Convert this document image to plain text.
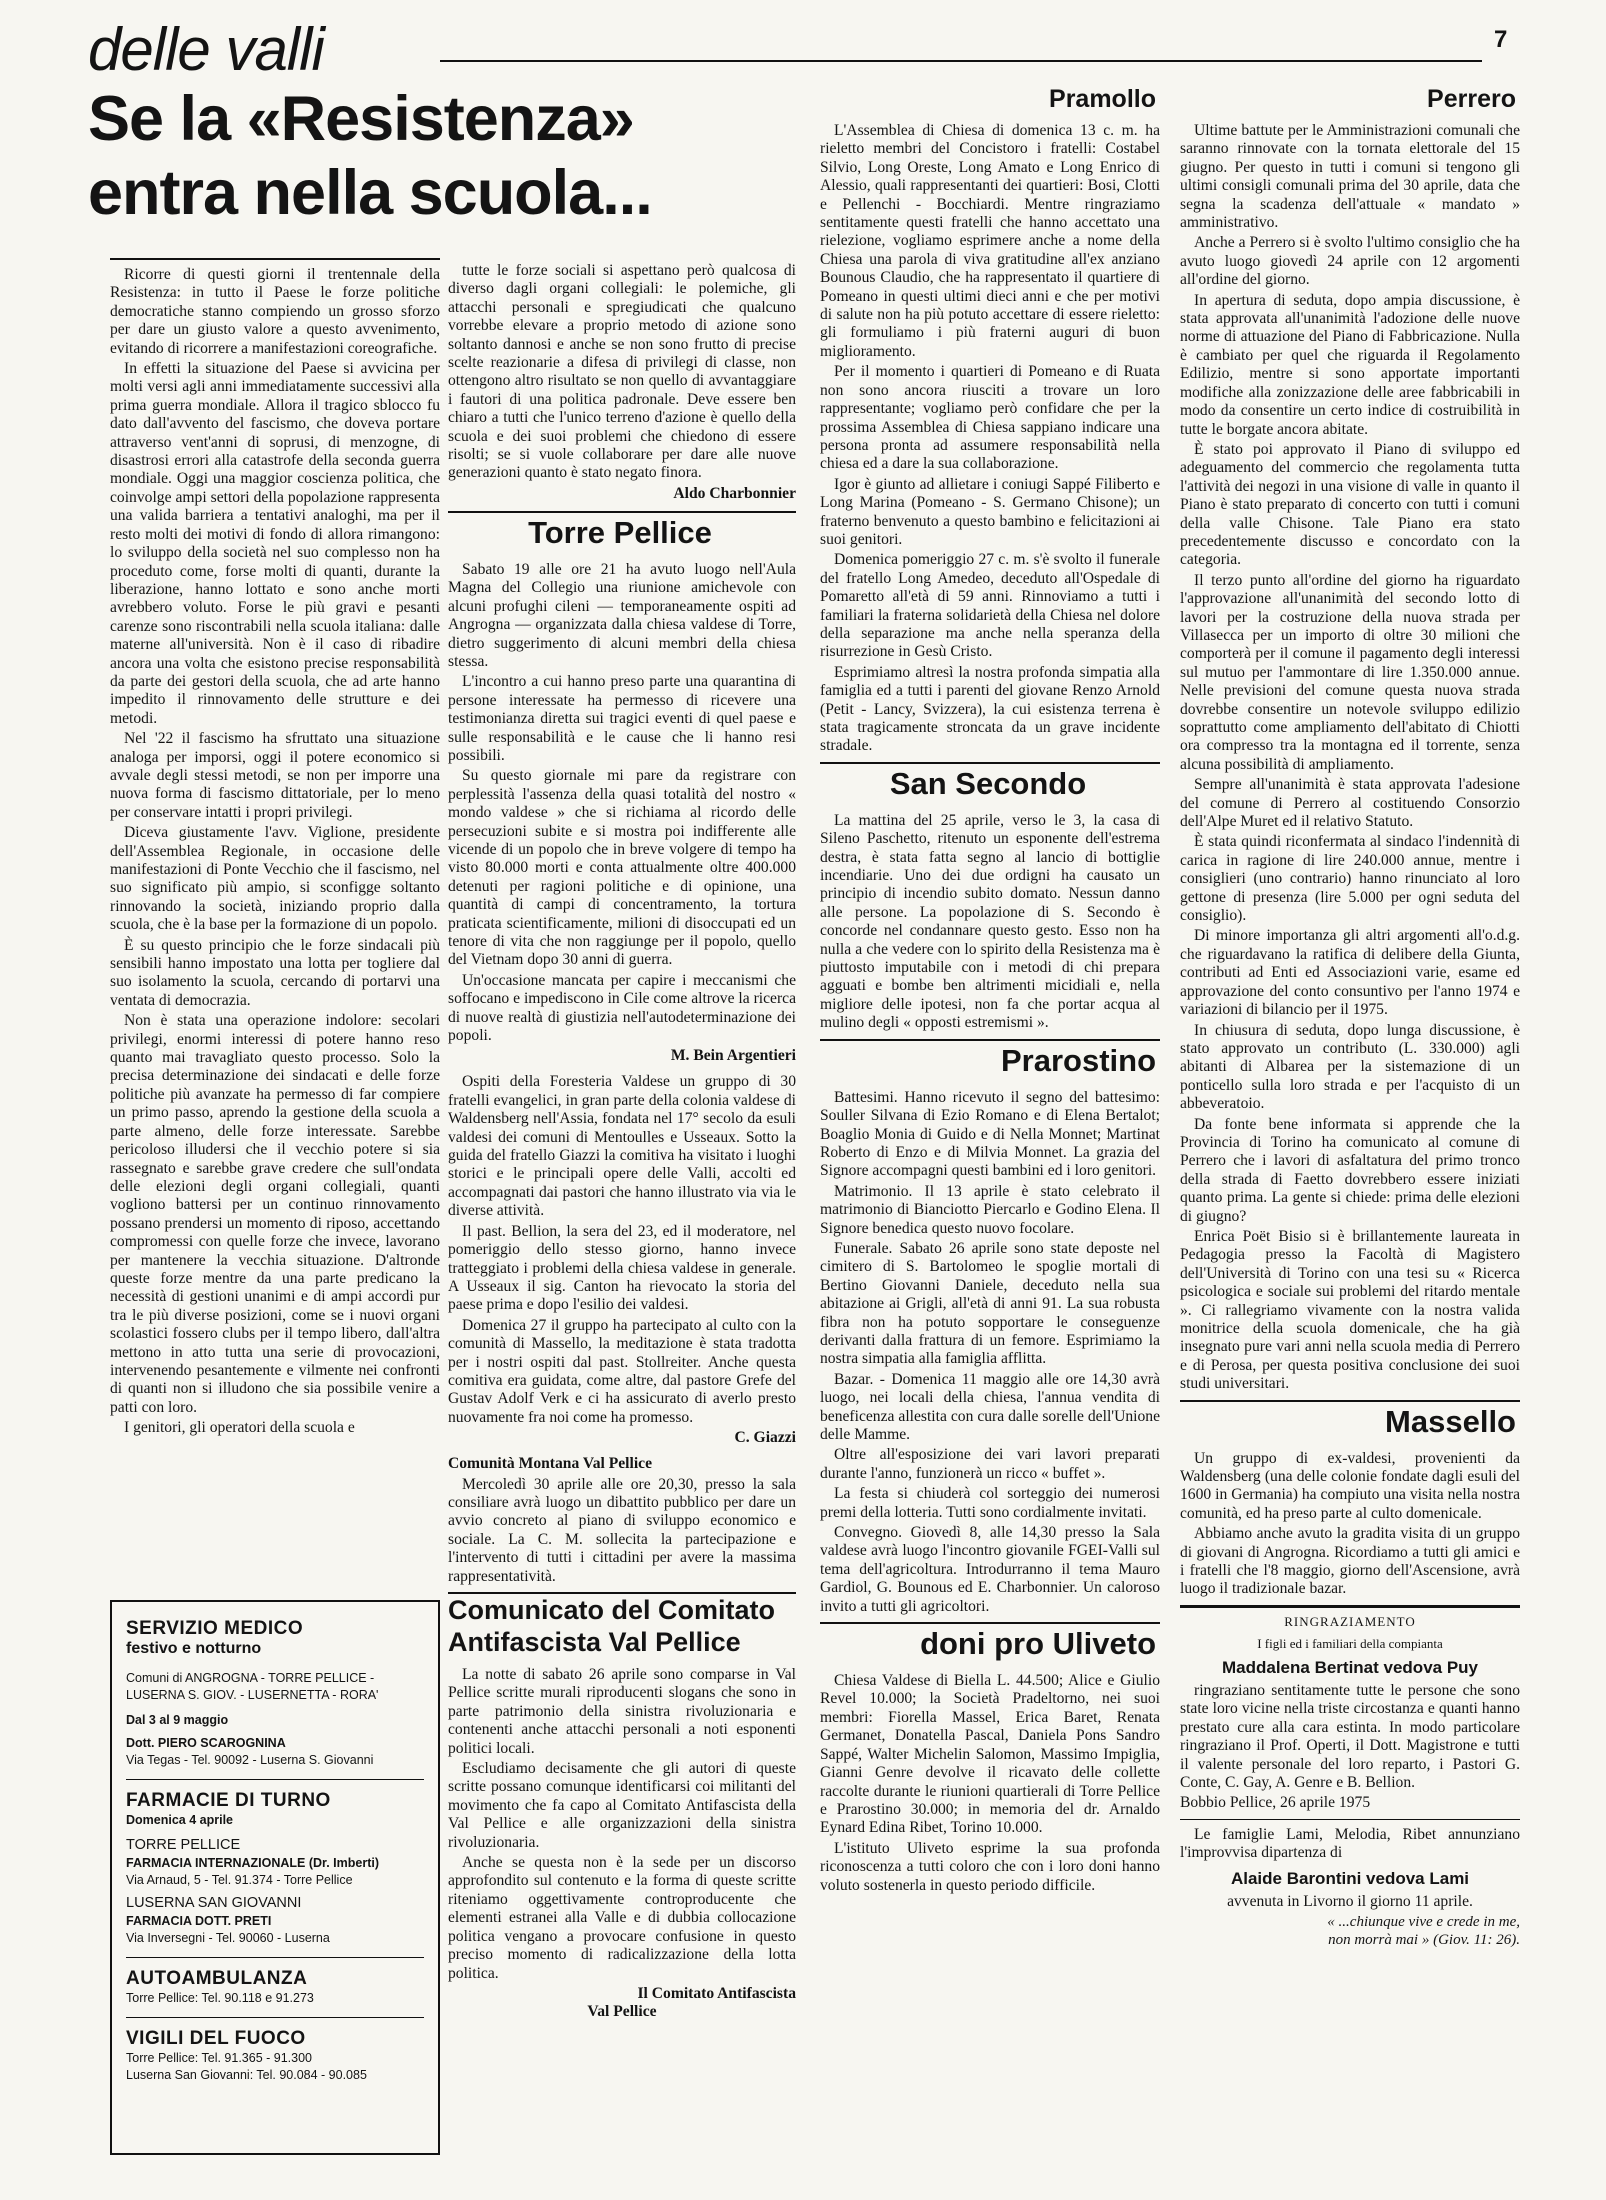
delle valli
Se la «Resistenza»
entra nella scuola...
7

Ricorre di questi giorni il trentennale della Resistenza: in tutto il Paese le forze politiche democratiche stanno compiendo un grosso sforzo per dare un giusto valore a questo avvenimento, evitando di ricorrere a manifestazioni coreografiche.

In effetti la situazione del Paese si avvicina per molti versi agli anni immediatamente successivi alla prima guerra mondiale. Allora il tragico sblocco fu dato dall'avvento del fascismo, che doveva portare attraverso vent'anni di soprusi, di menzogne, di disastrosi errori alla catastrofe della seconda guerra mondiale. Oggi una maggior coscienza politica, che coinvolge ampi settori della popolazione rappresenta una valida barriera a tentativi analoghi, ma per il resto molti dei motivi di fondo di allora rimangono: lo sviluppo della società nel suo complesso non ha proceduto come, forse molti di quanti, durante la liberazione, hanno lottato e sono anche morti avrebbero voluto. Forse le più gravi e pesanti carenze sono riscontrabili nella scuola italiana: dalle materne all'università. Non è il caso di ribadire ancora una volta che esistono precise responsabilità da parte dei gestori della scuola, che ad arte hanno impedito il rinnovamento delle strutture e dei metodi.

Nel '22 il fascismo ha sfruttato una situazione analoga per imporsi, oggi il potere economico si avvale degli stessi metodi, se non per imporre una nuova forma di fascismo dittatoriale, per lo meno per conservare intatti i propri privilegi.

Diceva giustamente l'avv. Viglione, presidente dell'Assemblea Regionale, in occasione delle manifestazioni di Ponte Vecchio che il fascismo, nel suo significato più ampio, si sconfigge soltanto rinnovando la società, iniziando proprio dalla scuola, che è la base per la formazione di un popolo.

È su questo principio che le forze sindacali più sensibili hanno impostato una lotta per togliere dal suo isolamento la scuola, cercando di portarvi una ventata di democrazia.

Non è stata una operazione indolore: secolari privilegi, enormi interessi di potere hanno reso quanto mai travagliato questo processo. Solo la precisa determinazione dei sindacati e delle forze politiche più avanzate ha permesso di far compiere un primo passo, aprendo la gestione della scuola a parte almeno, delle forze interessate. Sarebbe pericoloso illudersi che il vecchio potere si sia rassegnato e sarebbe grave credere che sull'ondata delle elezioni degli organi collegiali, quanti vogliono battersi per un continuo rinnovamento possano prendersi un momento di riposo, accettando compromessi con quelle forze che invece, lavorano per mantenere la vecchia situazione. D'altronde queste forze mentre da una parte predicano la necessità di gestioni unanimi e di ampi accordi pur tra le più diverse posizioni, come se i nuovi organi scolastici fossero clubs per il tempo libero, dall'altra mettono in atto tutta una serie di provocazioni, intervenendo pesantemente e vilmente nei confronti di quanti non si illudono che sia possibile venire a patti con loro.

I genitori, gli operatori della scuola e

SERVIZIO MEDICO
festivo e notturno
Comuni di ANGROGNA - TORRE PELLICE -
LUSERNA S. GIOV. - LUSERNETTA - RORA'
Dal 3 al 9 maggio
Dott. PIERO SCAROGNINA
Via Tegas - Tel. 90092 - Luserna S. Giovanni
FARMACIE DI TURNO
Domenica 4 aprile
TORRE PELLICE
FARMACIA INTERNAZIONALE (Dr. Imberti)
Via Arnaud, 5 - Tel. 91.374 - Torre Pellice
LUSERNA SAN GIOVANNI
FARMACIA DOTT. PRETI
Via Inversegni - Tel. 90060 - Luserna
AUTOAMBULANZA
Torre Pellice: Tel. 90.118 e 91.273
VIGILI DEL FUOCO
Torre Pellice: Tel. 91.365 - 91.300
Luserna San Giovanni: Tel. 90.084 - 90.085

tutte le forze sociali si aspettano però qualcosa di diverso dagli organi collegiali: le polemiche, gli attacchi personali e spregiudicati che qualcuno vorrebbe elevare a proprio metodo di azione sono soltanto dannosi e anche se non sono frutto di precise scelte reazionarie a difesa di privilegi di classe, non ottengono altro risultato se non quello di avvantaggiare i fautori di una politica padronale. Deve essere ben chiaro a tutti che l'unico terreno d'azione è quello della scuola e dei suoi problemi che chiedono di essere risolti; se si vuole collaborare per dare alle nuove generazioni quanto è stato negato finora.

Aldo Charbonnier
Torre Pellice

Sabato 19 alle ore 21 ha avuto luogo nell'Aula Magna del Collegio una riunione amichevole con alcuni profughi cileni — temporaneamente ospiti ad Angrogna — organizzata dalla chiesa valdese di Torre, dietro suggerimento di alcuni membri della chiesa stessa.

L'incontro a cui hanno preso parte una quarantina di persone interessate ha permesso di ricevere una testimonianza diretta sui tragici eventi di quel paese e sulle responsabilità e le cause che li hanno resi possibili.

Su questo giornale mi pare da registrare con perplessità l'assenza della quasi totalità del nostro « mondo valdese » che si richiama al ricordo delle persecuzioni subite e si mostra poi indifferente alle vicende di un popolo che in breve volgere di tempo ha visto 80.000 morti e conta attualmente oltre 400.000 detenuti per ragioni politiche e di opinione, una quantità di campi di concentramento, la tortura praticata scientificamente, milioni di disoccupati ed un tenore di vita che non raggiunge per il popolo, quello del Vietnam dopo 30 anni di guerra.

Un'occasione mancata per capire i meccanismi che soffocano e impediscono in Cile come altrove la ricerca di nuove realtà di giustizia nell'autodeterminazione dei popoli.

M. Bein Argentieri

Ospiti della Foresteria Valdese un gruppo di 30 fratelli evangelici, in gran parte della colonia valdese di Waldensberg nell'Assia, fondata nel 17° secolo da esuli valdesi dei comuni di Mentoulles e Usseaux. Sotto la guida del fratello Giazzi la comitiva ha visitato i luoghi storici e le principali opere delle Valli, accolti ed accompagnati dai pastori che hanno illustrato via via le diverse attività.

Il past. Bellion, la sera del 23, ed il moderatore, nel pomeriggio dello stesso giorno, hanno invece tratteggiato i problemi della chiesa valdese in generale. A Usseaux il sig. Canton ha rievocato la storia del paese prima e dopo l'esilio dei valdesi.

Domenica 27 il gruppo ha partecipato al culto con la comunità di Massello, la meditazione è stata tradotta per i nostri ospiti dal past. Stollreiter. Anche questa comitiva era guidata, come altre, dal pastore Grefe del Gustav Adolf Verk e ci ha assicurato di averlo presto nuovamente fra noi come ha promesso.

C. Giazzi

Comunità Montana Val Pellice

Mercoledì 30 aprile alle ore 20,30, presso la sala consiliare avrà luogo un dibattito pubblico per dare un avvio concreto al piano di sviluppo economico e sociale. La C. M. sollecita la partecipazione e l'intervento di tutti i cittadini per avere la massima rappresentatività.

Comunicato del Comitato
Antifascista Val Pellice

La notte di sabato 26 aprile sono comparse in Val Pellice scritte murali riproducenti slogans che sono in parte patrimonio della sinistra rivoluzionaria e contenenti anche attacchi personali a noti esponenti politici locali.

Escludiamo decisamente che gli autori di queste scritte possano comunque identificarsi coi militanti del movimento che fa capo al Comitato Antifascista della Val Pellice e alle organizzazioni della sinistra rivoluzionaria.

Anche se questa non è la sede per un discorso approfondito sul contenuto e la forma di queste scritte riteniamo oggettivamente controproducente che elementi estranei alla Valle e di dubbia collocazione politica vengano a provocare confusione in questo preciso momento di radicalizzazione della lotta politica.

Il Comitato Antifascista
Val Pellice
Pramollo

L'Assemblea di Chiesa di domenica 13 c. m. ha rieletto membri del Concistoro i fratelli: Costabel Silvio, Long Oreste, Long Amato e Long Enrico di Alessio, quali rappresentanti dei quartieri: Bosi, Clotti e Pellenchi - Bocchiardi. Mentre ringraziamo sentitamente questi fratelli che hanno accettato una rielezione, vogliamo esprimere anche a nome della Chiesa una parola di viva gratitudine all'ex anziano Bounous Claudio, che ha rappresentato il quartiere di Pomeano in questi ultimi dieci anni e che per motivi di salute non ha più potuto accettare di essere rieletto: gli formuliamo i più fraterni auguri di buon miglioramento.

Per il momento i quartieri di Pomeano e di Ruata non sono ancora riusciti a trovare un loro rappresentante; vogliamo però confidare che per la prossima Assemblea di Chiesa sappiano indicare una persona pronta ad assumere responsabilità nella chiesa ed a dare la sua collaborazione.

Igor è giunto ad allietare i coniugi Sappé Filiberto e Long Marina (Pomeano - S. Germano Chisone); un fraterno benvenuto a questo bambino e felicitazioni ai suoi genitori.

Domenica pomeriggio 27 c. m. s'è svolto il funerale del fratello Long Amedeo, deceduto all'Ospedale di Pomaretto all'età di 59 anni. Rinnoviamo a tutti i familiari la fraterna solidarietà della Chiesa nel dolore della separazione ma anche nella speranza della risurrezione in Gesù Cristo.

Esprimiamo altresì la nostra profonda simpatia alla famiglia ed a tutti i parenti del giovane Renzo Arnold (Petit - Lancy, Svizzera), la cui esistenza terrena è stata tragicamente stroncata da un grave incidente stradale.

San Secondo

La mattina del 25 aprile, verso le 3, la casa di Sileno Paschetto, ritenuto un esponente dell'estrema destra, è stata fatta segno al lancio di bottiglie incendiarie. Uno dei due ordigni ha causato un principio di incendio subito domato. Nessun danno alle persone. La popolazione di S. Secondo è concorde nel condannare questo gesto. Esso non ha nulla a che vedere con lo spirito della Resistenza ma è piuttosto imputabile con i metodi di chi prepara agguati e bombe ben altrimenti micidiali e, nella migliore delle ipotesi, non fa che portar acqua al mulino degli « opposti estremismi ».

Prarostino

Battesimi. Hanno ricevuto il segno del battesimo: Souller Silvana di Ezio Romano e di Elena Bertalot; Boaglio Monia di Guido e di Nella Monnet; Martinat Roberto di Enzo e di Milvia Monnet. La grazia del Signore accompagni questi bambini ed i loro genitori.

Matrimonio. Il 13 aprile è stato celebrato il matrimonio di Bianciotto Piercarlo e Godino Elena. Il Signore benedica questo nuovo focolare.

Funerale. Sabato 26 aprile sono state deposte nel cimitero di S. Bartolomeo le spoglie mortali di Bertino Giovanni Daniele, deceduto nella sua abitazione ai Grigli, all'età di anni 91. La sua robusta fibra non ha potuto sopportare le conseguenze derivanti dalla frattura di un femore. Esprimiamo la nostra simpatia alla famiglia afflitta.

Bazar. - Domenica 11 maggio alle ore 14,30 avrà luogo, nei locali della chiesa, l'annua vendita di beneficenza allestita con cura dalle sorelle dell'Unione delle Mamme.

Oltre all'esposizione dei vari lavori preparati durante l'anno, funzionerà un ricco « buffet ».

La festa si chiuderà col sorteggio dei numerosi premi della lotteria. Tutti sono cordialmente invitati.

Convegno. Giovedì 8, alle 14,30 presso la Sala valdese avrà luogo l'incontro giovanile FGEI-Valli sul tema dell'agricoltura. Introdurranno il tema Mauro Gardiol, G. Bounous ed E. Charbonnier. Un caloroso invito a tutti gli agricoltori.

doni pro Uliveto

Chiesa Valdese di Biella L. 44.500; Alice e Giulio Revel 10.000; la Società Pradeltorno, nei suoi membri: Fiorella Massel, Erica Baret, Renata Germanet, Donatella Pascal, Daniela Pons Sandro Sappé, Walter Michelin Salomon, Massimo Impiglia, Gianni Genre devolve il ricavato delle collette raccolte durante le riunioni quartierali di Torre Pellice e Prarostino 30.000; in memoria del dr. Arnaldo Eynard Edina Ribet, Torino 10.000.

L'istituto Uliveto esprime la sua profonda riconoscenza a tutti coloro che con i loro doni hanno voluto sostenerla in questo periodo difficile.

Perrero

Ultime battute per le Amministrazioni comunali che saranno rinnovate con la tornata elettorale del 15 giugno. Per questo in tutti i comuni si tengono gli ultimi consigli comunali prima del 30 aprile, data che segna la scadenza dell'attuale « mandato » amministrativo.

Anche a Perrero si è svolto l'ultimo consiglio che ha avuto luogo giovedì 24 aprile con 12 argomenti all'ordine del giorno.

In apertura di seduta, dopo ampia discussione, è stata approvata all'unanimità l'adozione delle nuove norme di attuazione del Piano di Fabbricazione. Nulla è cambiato per quel che riguarda il Regolamento Edilizio, mentre si sono apportate importanti modifiche alla zonizzazione delle aree fabbricabili in modo da consentire un certo indice di costruibilità in tutte le borgate ancora abitate.

È stato poi approvato il Piano di sviluppo ed adeguamento del commercio che regolamenta tutta l'attività dei negozi in una visione di valle in quanto il Piano è stato preparato di concerto con tutti i comuni della valle Chisone. Tale Piano era stato precedentemente discusso e concordato con la categoria.

Il terzo punto all'ordine del giorno ha riguardato l'approvazione all'unanimità del secondo lotto di lavori per la costruzione della nuova strada per Villasecca per un importo di oltre 30 milioni che comporterà per il comune il pagamento degli interessi sul mutuo per l'ammontare di lire 1.350.000 annue. Nelle previsioni del comune questa nuova strada dovrebbe consentire un notevole sviluppo edilizio soprattutto come ampliamento dell'abitato di Chiotti ora compresso tra la montagna ed il torrente, senza alcuna possibilità di ampliamento.

Sempre all'unanimità è stata approvata l'adesione del comune di Perrero al costituendo Consorzio dell'Alpe Muret ed il relativo Statuto.

È stata quindi riconfermata al sindaco l'indennità di carica in ragione di lire 240.000 annue, mentre i consiglieri (uno contrario) hanno rinunciato al loro gettone di presenza (lire 5.000 per ogni seduta del consiglio).

Di minore importanza gli altri argomenti all'o.d.g. che riguardavano la ratifica di delibere della Giunta, contributi ad Enti ed Associazioni varie, esame ed approvazione del conto consuntivo per l'anno 1974 e variazioni di bilancio per il 1975.

In chiusura di seduta, dopo lunga discussione, è stato approvato un contributo (L. 330.000) agli abitanti di Albarea per la sistemazione di un ponticello sulla loro strada e per l'acquisto di un abbeveratoio.

Da fonte bene informata si apprende che la Provincia di Torino ha comunicato al comune di Perrero che i lavori di asfaltatura del primo tronco della strada di Faetto dovrebbero essere iniziati quanto prima. La gente si chiede: prima delle elezioni di giugno?

Enrica Poët Bisio si è brillantemente laureata in Pedagogia presso la Facoltà di Magistero dell'Università di Torino con una tesi su « Ricerca psicologica e sociale sui problemi del ritardo mentale ». Ci rallegriamo vivamente con la nostra valida monitrice della scuola domenicale, che ha già insegnato pure vari anni nella scuola media di Perrero e di Perosa, per questa positiva conclusione dei suoi studi universitari.

Massello

Un gruppo di ex-valdesi, provenienti da Waldensberg (una delle colonie fondate dagli esuli del 1600 in Germania) ha compiuto una visita nella nostra comunità, ed ha preso parte al culto domenicale.

Abbiamo anche avuto la gradita visita di un gruppo di giovani di Angrogna. Ricordiamo a tutti gli amici e i fratelli che l'8 maggio, giorno dell'Ascensione, avrà luogo il tradizionale bazar.

RINGRAZIAMENTO
I figli ed i familiari della compianta
Maddalena Bertinat vedova Puy

ringraziano sentitamente tutte le persone che sono state loro vicine nella triste circostanza e quanti hanno prestato cure alla cara estinta. In modo particolare ringraziano il Prof. Operti, il Dott. Magistrone e tutti il valente personale del loro reparto, i Pastori G. Conte, C. Gay, A. Genre e B. Bellion.

Bobbio Pellice, 26 aprile 1975

Le famiglie Lami, Melodia, Ribet annunziano l'improvvisa dipartenza di

Alaide Barontini vedova Lami

avvenuta in Livorno il giorno 11 aprile.

« ...chiunque vive e crede in me,
non morrà mai » (Giov. 11: 26).
